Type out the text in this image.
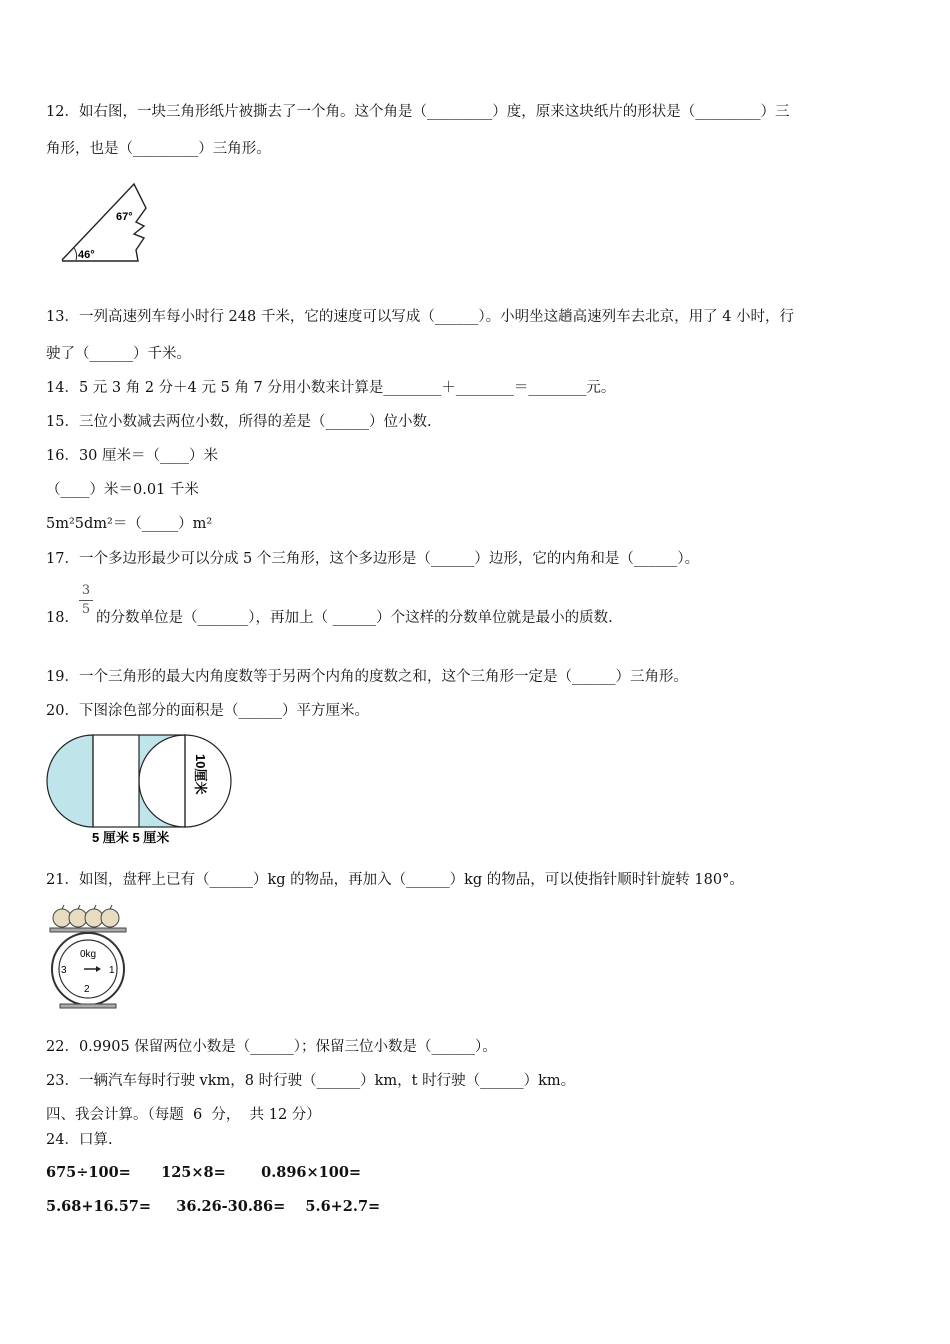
12．如右图，一块三角形纸片被撕去了一个角。这个角是（_________）度，原来这块纸片的形状是（_________）三
角形，也是（_________）三角形。
46°
67°
13．一列高速列车每小时行 248 千米，它的速度可以写成（______）。小明坐这趟高速列车去北京，用了 4 小时，行
驶了（______）千米。
14．5 元 3 角 2 分＋4 元 5 角 7 分用小数来计算是________＋________＝________元。
15．三位小数减去两位小数，所得的差是（______）位小数.
16．30 厘米＝（____）米
（____）米＝0.01 千米
5m²5dm²＝（_____）m²
17．一个多边形最少可以分成 5 个三角形，这个多边形是（______）边形，它的内角和是（______）。
18．
3
5
的分数单位是（_______），再加上（ ______）个这样的分数单位就是最小的质数.
19．一个三角形的最大内角度数等于另两个内角的度数之和，这个三角形一定是（______）三角形。
20．下图涂色部分的面积是（______）平方厘米。
5 厘米 5 厘米
10厘米
21．如图，盘秤上已有（______）kg 的物品，再加入（______）kg 的物品，可以使指针顺时针旋转 180°。
0kg
3	1
2
22．0.9905 保留两位小数是（______）；保留三位小数是（______）。
23．一辆汽车每时行驶 vkm，8 时行驶（______）km，t 时行驶（______）km。
四、我会计算。（每题  6  分，  共 12 分）
24．口算.
675÷100=      125×8=       0.896×100=
5.68+16.57=     36.26-30.86=    5.6+2.7=
